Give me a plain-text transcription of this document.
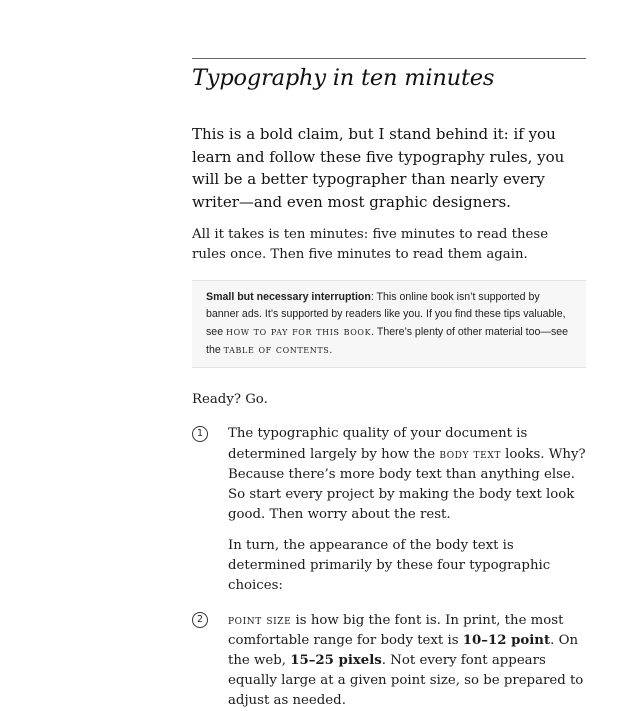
Typography in ten minutes

This is a bold claim, but I stand behind it: if you learn and follow these five typography rules, you will be a better typographer than nearly every writer—and even most graphic designers.

All it takes is ten minutes: five minutes to read these rules once. Then five minutes to read them again.

Small but necessary interruption: This online book isn’t supported by banner ads. It’s supported by readers like you. If you find these tips valuable, see how to pay for this book. There’s plenty of other material too—see the table of contents.
Ready? Go.
1	The typographic quality of your document is determined largely by how the body text looks. Why? Because there’s more body text than anything else. So start every project by making the body text look good. Then worry about the rest.

In turn, the appearance of the body text is determined primarily by these four typographic choices:

2	point size is how big the font is. In print, the most comfortable range for body text is 10–12 point. On the web, 15–25 pixels. Not every font appears equally large at a given point size, so be prepared to adjust as needed.
